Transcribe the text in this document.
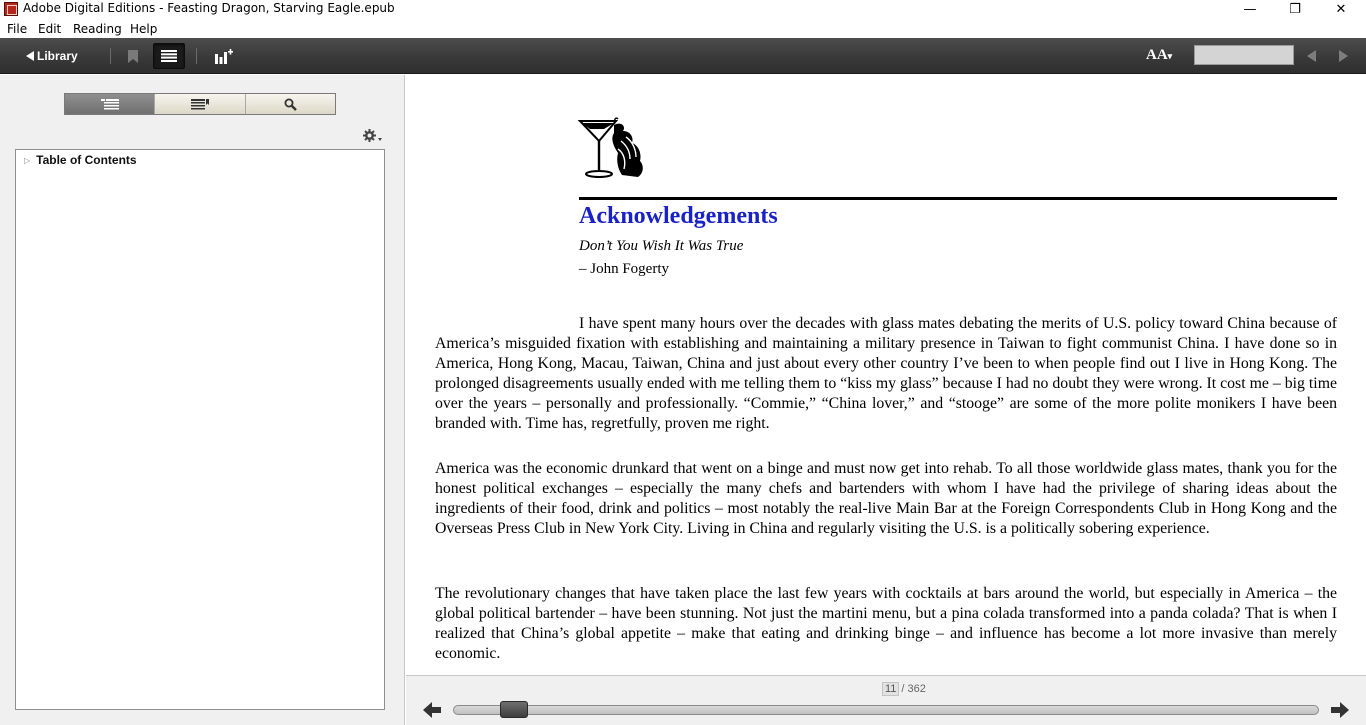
Adobe Digital Editions - Feasting Dragon, Starving Eagle.epub	—	❐	✕
File Edit Reading Help
Library	AA▾
▷ Table of Contents
Acknowledgements
Don’t You Wish It Was True
– John Fogerty

I have spent many hours over the decades with glass mates debating the merits of U.S. policy toward China because of America’s misguided fixation with establishing and maintaining a military presence in Taiwan to fight communist China. I have done so in America, Hong Kong, Macau, Taiwan, China and just about every other country I’ve been to when people find out I live in Hong Kong. The prolonged disagreements usually ended with me telling them to “kiss my glass” because I had no doubt they were wrong. It cost me – big time over the years – personally and professionally. “Commie,” “China lover,” and “stooge” are some of the more polite monikers I have been branded with. Time has, regretfully, proven me right.

America was the economic drunkard that went on a binge and must now get into rehab. To all those worldwide glass mates, thank you for the honest political exchanges – especially the many chefs and bartenders with whom I have had the privilege of sharing ideas about the ingredients of their food, drink and politics – most notably the real-live Main Bar at the Foreign Correspondents Club in Hong Kong and the Overseas Press Club in New York City. Living in China and regularly visiting the U.S. is a politically sobering experience.

The revolutionary changes that have taken place the last few years with cocktails at bars around the world, but especially in America – the global political bartender – have been stunning. Not just the martini menu, but a pina colada transformed into a panda colada? That is when I realized that China’s global appetite – make that eating and drinking binge – and influence has become a lot more invasive than merely economic.

11 / 362
